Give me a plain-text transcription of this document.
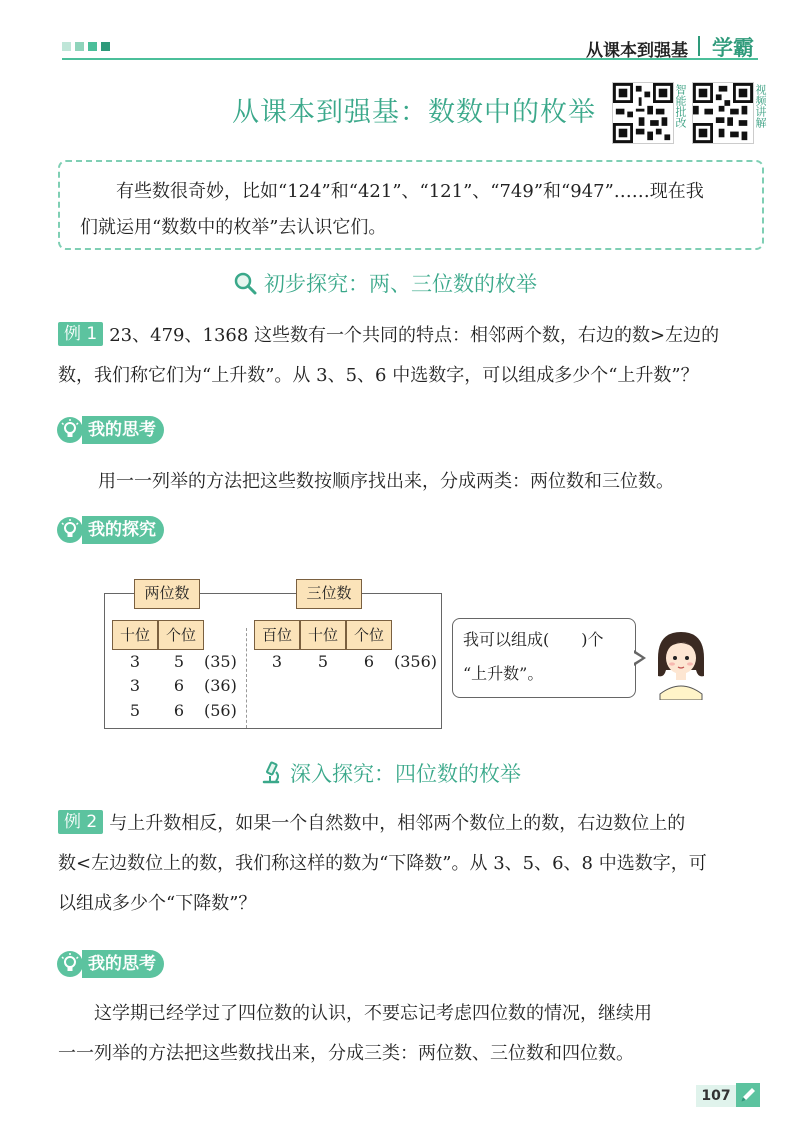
从课本到强基 学霸
从课本到强基：数数中的枚举	智能批改	视频讲解
有些数很奇妙，比如“124”和“421”、“121”、“749”和“947”……现在我
们就运用“数数中的枚举”去认识它们。
初步探究：两、三位数的枚举
例 1 23、479、1368 这些数有一个共同的特点：相邻两个数，右边的数>左边的
数，我们称它们为“上升数”。从 3、5、6 中选数字，可以组成多少个“上升数”？
我的思考
用一一列举的方法把这些数按顺序找出来，分成两类：两位数和三位数。
我的探究
两位数	三位数
十位	个位	百位	十位	个位
3	5	(35)
3	6	(36)
5	6	(56)
3	5	6	(356)
我可以组成(　　)个
“上升数”。
深入探究：四位数的枚举
例 2 与上升数相反，如果一个自然数中，相邻两个数位上的数，右边数位上的
数<左边数位上的数，我们称这样的数为“下降数”。从 3、5、6、8 中选数字，可
以组成多少个“下降数”？
我的思考
这学期已经学过了四位数的认识，不要忘记考虑四位数的情况，继续用
一一列举的方法把这些数找出来，分成三类：两位数、三位数和四位数。
107
